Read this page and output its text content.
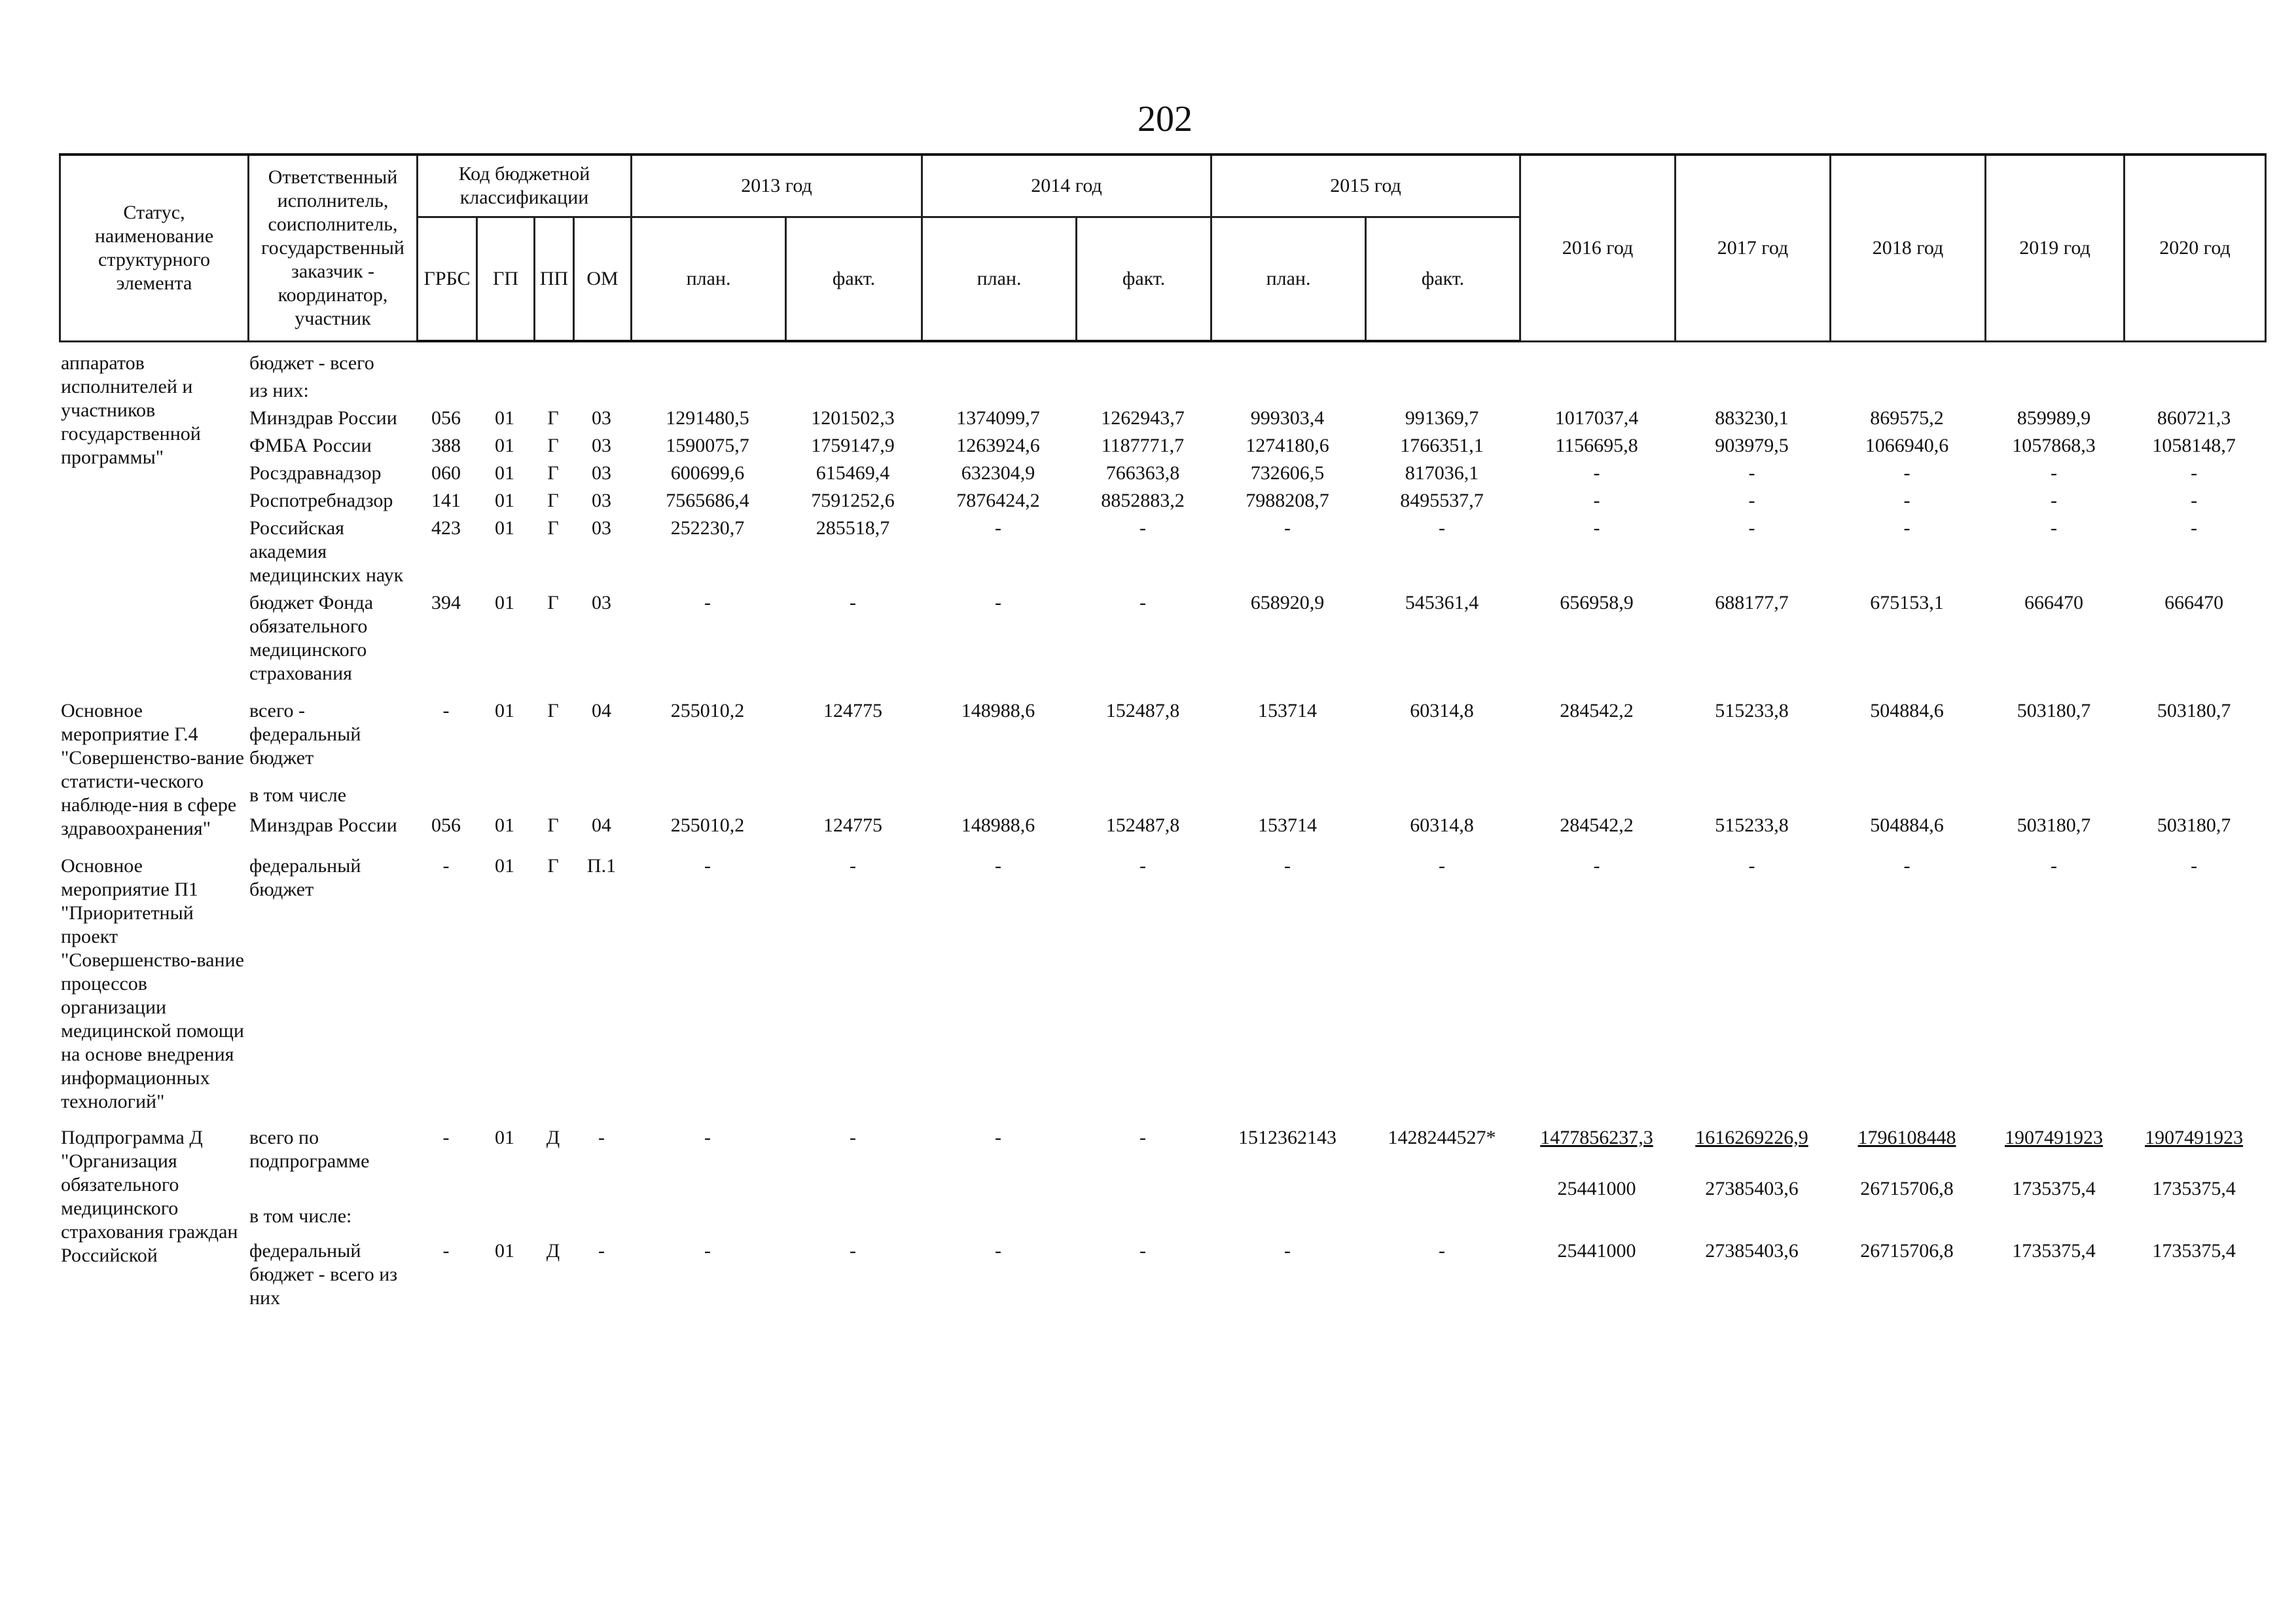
202
Статус, наименование структурного элемента	Ответственный исполнитель, соисполнитель, государственный заказчик - координатор, участник	Код бюджетной классификации				2013 год		2014 год		2015 год		2016 год	2017 год	2018 год	2019 год	2020 год
		ГРБС	ГП	ПП	ОМ	план.	факт.	план.	факт.	план.	факт.					
аппаратов исполнителей и участников государственной программы"	бюджет - всего															
	из них:															
	Минздрав России	056	01	Г	03	1291480,5	1201502,3	1374099,7	1262943,7	999303,4	991369,7	1017037,4	883230,1	869575,2	859989,9	860721,3
	ФМБА России	388	01	Г	03	1590075,7	1759147,9	1263924,6	1187771,7	1274180,6	1766351,1	1156695,8	903979,5	1066940,6	1057868,3	1058148,7
	Росздравнадзор	060	01	Г	03	600699,6	615469,4	632304,9	766363,8	732606,5	817036,1	-	-	-	-	-
	Роспотребнадзор	141	01	Г	03	7565686,4	7591252,6	7876424,2	8852883,2	7988208,7	8495537,7	-	-	-	-	-
	Российская академия медицинских наук	423	01	Г	03	252230,7	285518,7	-	-	-	-	-	-	-	-	-
	бюджет Фонда обязательного медицинского страхования	394	01	Г	03	-	-	-	-	658920,9	545361,4	656958,9	688177,7	675153,1	666470	666470
Основное мероприятие Г.4 "Совершенство-вание статисти-ческого наблюде-ния в сфере здравоохранения"	всего - федеральный бюджет	-	01	Г	04	255010,2	124775	148988,6	152487,8	153714	60314,8	284542,2	515233,8	504884,6	503180,7	503180,7
	в том числе															
	Минздрав России	056	01	Г	04	255010,2	124775	148988,6	152487,8	153714	60314,8	284542,2	515233,8	504884,6	503180,7	503180,7
Основное мероприятие П1 "Приоритетный проект "Совершенство-вание процессов организации медицинской помощи на основе внедрения информационных технологий"	федеральный бюджет	-	01	Г	П.1	-	-	-	-	-	-	-	-	-	-	-
Подпрограмма Д "Организация обязательного медицинского страхования граждан Российской	всего по подпрограмме	-	01	Д	-	-	-	-	-	1512362143	1428244527*	1477856237,3	1616269226,9	1796108448	1907491923	1907491923
												25441000	27385403,6	26715706,8	1735375,4	1735375,4
	в том числе:															
	федеральный бюджет - всего из них	-	01	Д	-	-	-	-	-	-	-	25441000	27385403,6	26715706,8	1735375,4	1735375,4
